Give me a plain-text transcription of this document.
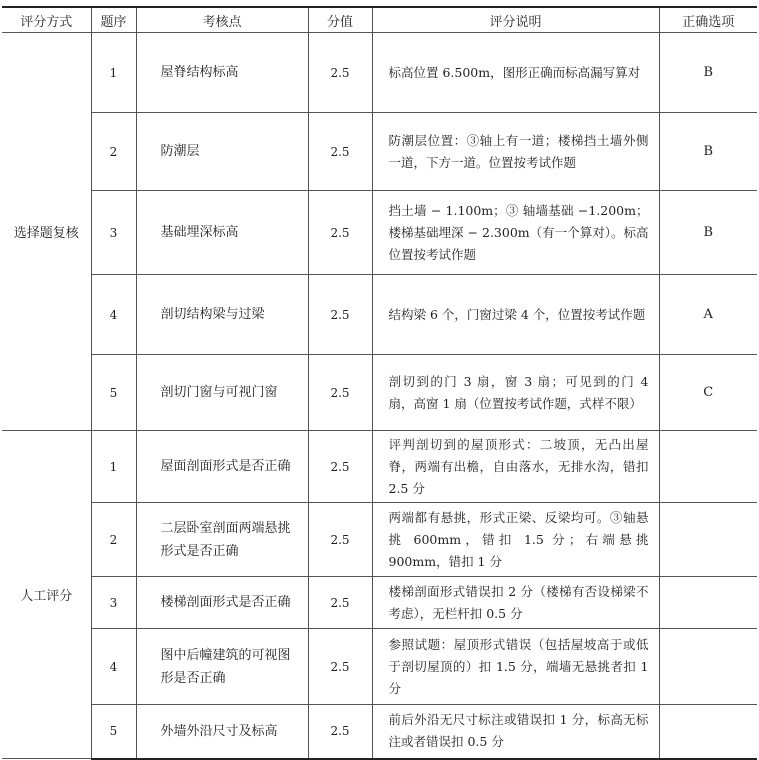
评分方式	题序	考核点	分值	评分说明	正确选项
选择题复核	1	屋脊结构标高	2.5	标高位置 6.500m，图形正确而标高漏写算对	B
	2	防潮层	2.5	防潮层位置：③轴上有一道；楼梯挡土墙外侧一道，下方一道。位置按考试作题	B
	3	基础埋深标高	2.5	挡土墙 − 1.100m；③ 轴墙基础 −1.200m；楼梯基础埋深 − 2.300m（有一个算对）。标高位置按考试作题	B
	4	剖切结构梁与过梁	2.5	结构梁 6 个，门窗过梁 4 个，位置按考试作题	A
	5	剖切门窗与可视门窗	2.5	剖切到的门 3 扇，窗 3 扇；可见到的门 4 扇，高窗 1 扇（位置按考试作题，式样不限）	C
人工评分	1	屋面剖面形式是否正确	2.5	评判剖切到的屋顶形式：二坡顶，无凸出屋脊，两端有出檐，自由落水，无排水沟，错扣 2.5 分	
	2	二层卧室剖面两端悬挑形式是否正确	2.5	两端都有悬挑，形式正梁、反梁均可。③轴悬挑 600mm，错扣 1.5 分；右端悬挑 900mm，错扣 1 分	
	3	楼梯剖面形式是否正确	2.5	楼梯剖面形式错误扣 2 分（楼梯有否设梯梁不考虑），无栏杆扣 0.5 分	
	4	图中后幢建筑的可视图形是否正确	2.5	参照试题：屋顶形式错误（包括屋坡高于或低于剖切屋顶的）扣 1.5 分，端墙无悬挑者扣 1 分	
	5	外墙外沿尺寸及标高	2.5	前后外沿无尺寸标注或错误扣 1 分，标高无标注或者错误扣 0.5 分	
